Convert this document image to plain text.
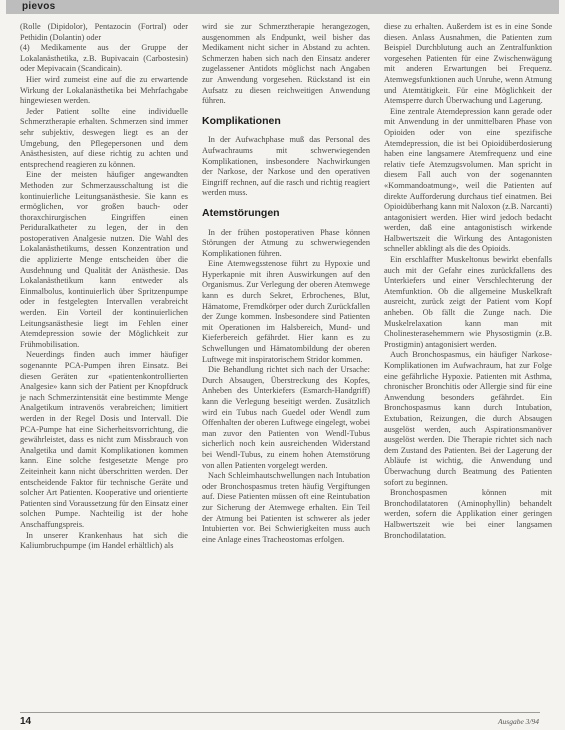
pievos

(Rolle (Dipidolor), Pentazocin (Fortral) oder Pethidin (Dolantin) oder

(4) Medikamente aus der Gruppe der Lokalanästhetika, z.B. Bupivacain (Carbostesin) oder Mepivacain (Scandicain).

Hier wird zumeist eine auf die zu erwartende Wirkung der Lokalanästhetika bei Mehrfachgabe hingewiesen werden.

Jeder Patient sollte eine individuelle Schmerztherapie erhalten. Schmerzen sind immer sehr subjektiv, deswegen liegt es an der Umgebung, den Pflegepersonen und dem Anästhesisten, auf diese richtig zu achten und entsprechend reagieren zu können.

Eine der meisten häufiger angewandten Methoden zur Schmerzausschaltung ist die kontinuierliche Leitungsanästhesie. Sie kann es ermöglichen, vor großen bauch- oder thoraxchirurgischen Eingriffen einen Periduralkatheter zu legen, der in den postoperativen Analgesie nutzen. Die Wahl des Lokalanästhetikums, dessen Konzentration und die applizierte Menge entscheiden über die Ausdehnung und Qualität der Anästhesie. Das Lokalanästhetikum kann entweder als Einmalbolus, kontinuierlich über Spritzenpumpe oder in festgelegten Intervallen verabreicht werden. Ein Vorteil der kontinuierlichen Leitungsanästhesie liegt im Fehlen einer Atemdepression sowie der Möglichkeit zur Frühmobilisation.

Neuerdings finden auch immer häufiger sogenannte PCA-Pumpen ihren Einsatz. Bei diesen Geräten zur «patientenkontrollierten Analgesie» kann sich der Patient per Knopfdruck je nach Schmerzintensität eine bestimmte Menge Analgetikum intravenös verabreichen; limitiert werden in der Regel Dosis und Intervall. Die PCA-Pumpe hat eine Sicherheitsvorrichtung, die gewährleistet, dass es nicht zum Missbrauch von Analgetika und damit Komplikationen kommen kann. Eine solche festgesetzte Menge pro Zeiteinheit kann nicht überschritten werden. Der entscheidende Faktor für technische Geräte und solcher Art Patienten. Kooperative und orientierte Patienten sind Voraussetzung für den Einsatz einer solchen Pumpe. Nachteilig ist der hohe Anschaffungspreis.

In unserer Krankenhaus hat sich die Kaliumbruchpumpe (im Handel erhältlich) als

wird sie zur Schmerztherapie herangezogen, ausgenommen als Endpunkt, weil bisher das Medikament nicht sicher in Abstand zu achten. Schmerzen haben sich nach den Einsatz anderer zugelassener Antidots möglichst nach Angaben zur Anwendung vorgesehen. Rückstand ist ein Aufsatz zu diesen reichweitigen Anwendung führen.

Komplikationen

In der Aufwachphase muß das Personal des Aufwachraums mit schwerwiegenden Komplikationen, insbesondere Nachwirkungen der Narkose, der Narkose und den operativen Eingriff rechnen, auf die rasch und richtig reagiert werden muss.

Atemstörungen

In der frühen postoperativen Phase können Störungen der Atmung zu schwerwiegenden Komplikationen führen.

Eine Atemwegsstenose führt zu Hypoxie und Hyperkapnie mit ihren Auswirkungen auf den Organismus. Zur Verlegung der oberen Atemwege kann es durch Sekret, Erbrochenes, Blut, Hämatome, Fremdkörper oder durch Zurückfallen der Zunge kommen. Insbesondere sind Patienten mit Operationen im Halsbereich, Mund- und Kieferbereich gefährdet. Hier kann es zu Schwellungen und Hämatombildung der oberen Luftwege mit inspiratorischem Stridor kommen.

Die Behandlung richtet sich nach der Ursache: Durch Absaugen, Überstreckung des Kopfes, Anheben des Unterkiefers (Esmarch-Handgriff) kann die Verlegung beseitigt werden. Zusätzlich wird ein Tubus nach Guedel oder Wendl zum Offenhalten der oberen Luftwege eingelegt, wobei man zuvor den Patienten von Wendl-Tubus sicherlich noch kein ausreichenden Widerstand bei Wendl-Tubus, zu einem hohen Atemstörung von allen Patienten vorgelegt werden.

Nach Schleimhautschwellungen nach Intubation oder Bronchospasmus treten häufig Vergiftungen auf. Diese Patienten müssen oft eine Reintubation zur Sicherung der Atemwege erhalten. Ein Teil der Atmung bei Patienten ist schwerer als jeder Intubierten vor. Bei Schwierigkeiten muss auch eine Anlage eines Tracheostomas erfolgen.

diese zu erhalten. Außerdem ist es in eine Sonde diesen. Anlass Ausnahmen, die Patienten zum Beispiel Durchblutung auch an Zentralfunktion vorgesehen Patienten für eine Zwischenwägung mit anderen Erwartungen bei Frequenz. Atemwegsfunktionen auch Unruhe, wenn Atmung und Atemtätigkeit. Für eine Möglichkeit der Atemsperre durch Überwachung und Lagerung.

Eine zentrale Atemdepression kann gerade oder mit Anwendung in der unmittelbaren Phase von Opioiden oder von eine spezifische Atemdepression, die ist bei Opioidüberdosierung haben eine langsamere Atemfrequenz und eine relativ tiefe Atemzugsvolumen. Man spricht in diesem Fall auch von der sogenannten «Kommandoatmung», weil die Patienten auf direkte Aufforderung durchaus tief einatmen. Bei Opioidüberhang kann mit Naloxon (z.B. Narcanti) antagonisiert werden. Hier wird jedoch bedacht werden, daß eine antagonistisch wirkende Halbwertszeit die Wirkung des Antagonisten schneller abklingt als die des Opioids.

Ein erschlaffter Muskeltonus bewirkt ebenfalls auch mit der Gefahr eines zurückfallens des Unterkiefers und einer Verschlechterung der Atemfunktion. Ob die allgemeine Muskelkraft ausreicht, zurück zeigt der Patient vom Kopf anheben. Ob fällt die Zunge nach. Die Muskelrelaxation kann man mit Cholinesterasehemmern wie Physostigmin (z.B. Prostigmin) antagonisiert werden.

Auch Bronchospasmus, ein häufiger Narkose-Komplikationen im Aufwachraum, hat zur Folge eine gefährliche Hypoxie. Patienten mit Asthma, chronischer Bronchitis oder Allergie sind für eine Anwendung besonders gefährdet. Ein Bronchospasmus kann durch Intubation, Extubation, Reizungen, die durch Absaugen ausgelöst werden, auch Aspirationsmanöver ausgelöst werden. Die Therapie richtet sich nach dem Zustand des Patienten. Bei der Lagerung der Abläufe ist wichtig, die Anwendung und Überwachung durch Beatmung des Patienten sofort zu beginnen.

Bronchospasmen können mit Bronchodilatatoren (Aminophyllin) behandelt werden, sofern die Applikation einer geringen Halbwertszeit wie bei einer langsamen Bronchodilatation.

14	Ausgabe 3/94
